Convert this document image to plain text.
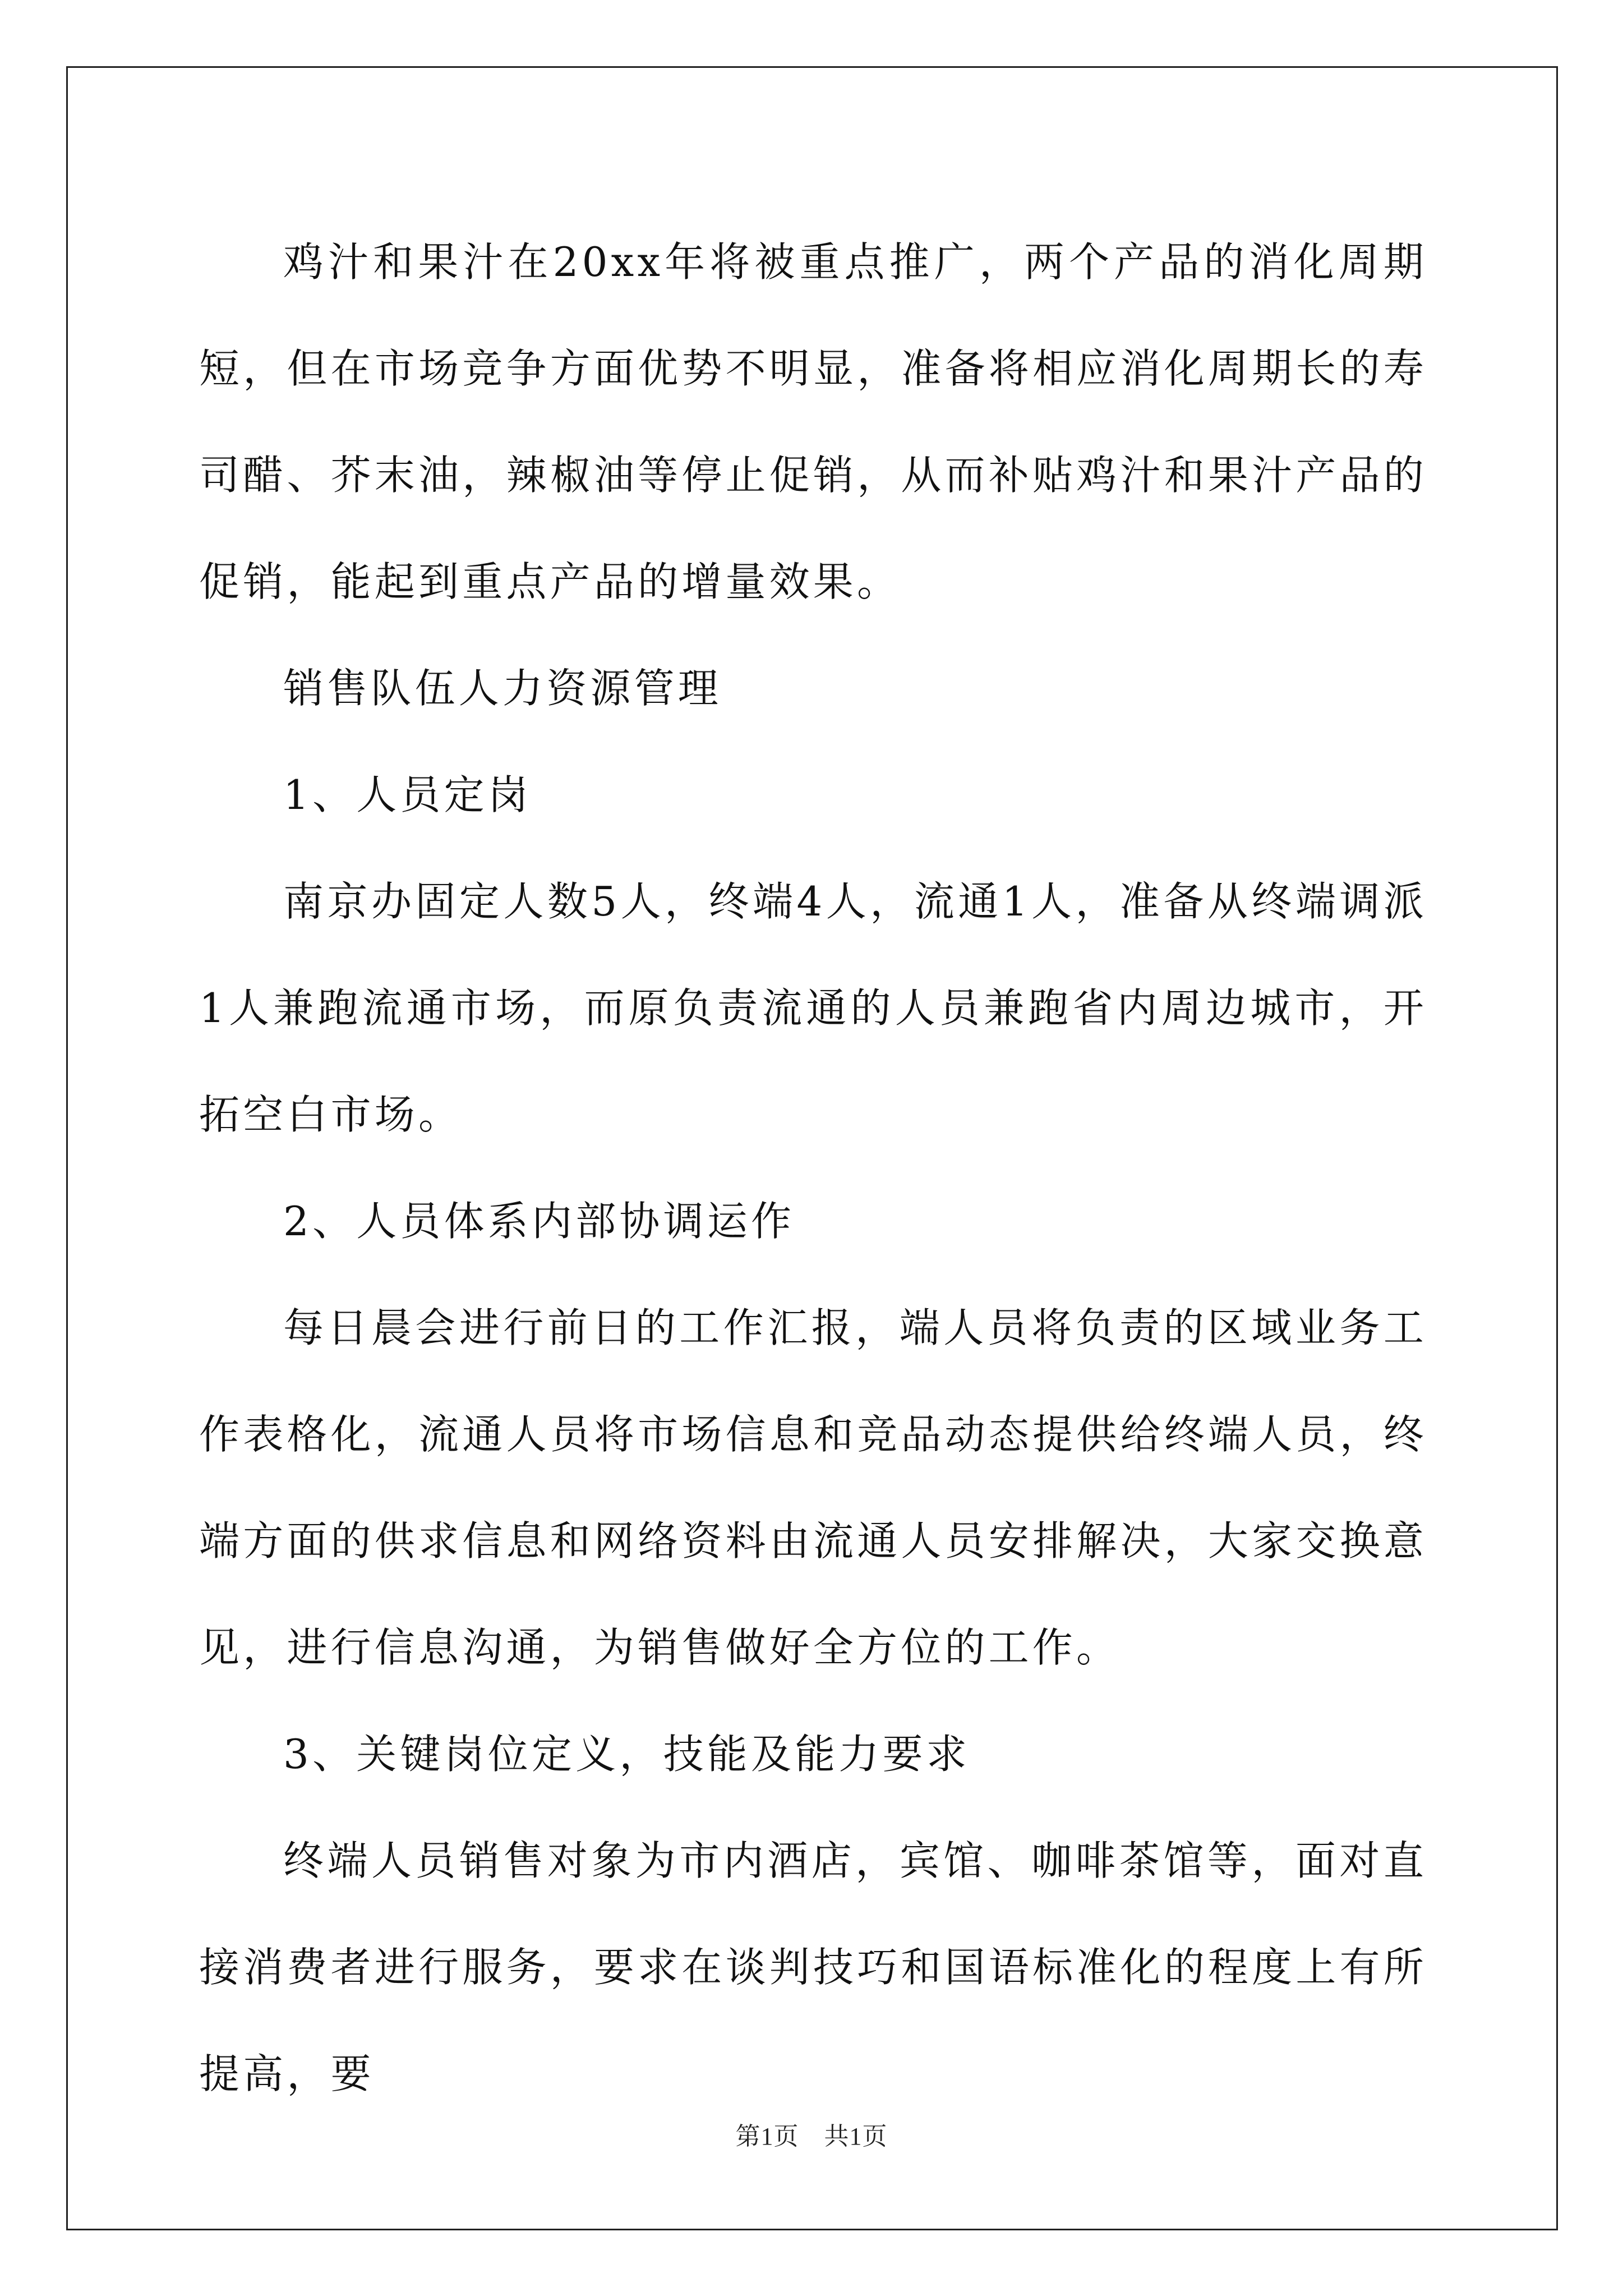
鸡汁和果汁在20xx年将被重点推广，两个产品的消化周期短，但在市场竞争方面优势不明显，准备将相应消化周期长的寿司醋、芥末油，辣椒油等停止促销，从而补贴鸡汁和果汁产品的促销，能起到重点产品的增量效果。

销售队伍人力资源管理

1、人员定岗

南京办固定人数5人，终端4人，流通1人，准备从终端调派1人兼跑流通市场，而原负责流通的人员兼跑省内周边城市，开拓空白市场。

2、人员体系内部协调运作

每日晨会进行前日的工作汇报，端人员将负责的区域业务工作表格化，流通人员将市场信息和竞品动态提供给终端人员，终端方面的供求信息和网络资料由流通人员安排解决，大家交换意见，进行信息沟通，为销售做好全方位的工作。

3、关键岗位定义，技能及能力要求

终端人员销售对象为市内酒店，宾馆、咖啡茶馆等，面对直接消费者进行服务，要求在谈判技巧和国语标准化的程度上有所提高，要

第1页　共1页
